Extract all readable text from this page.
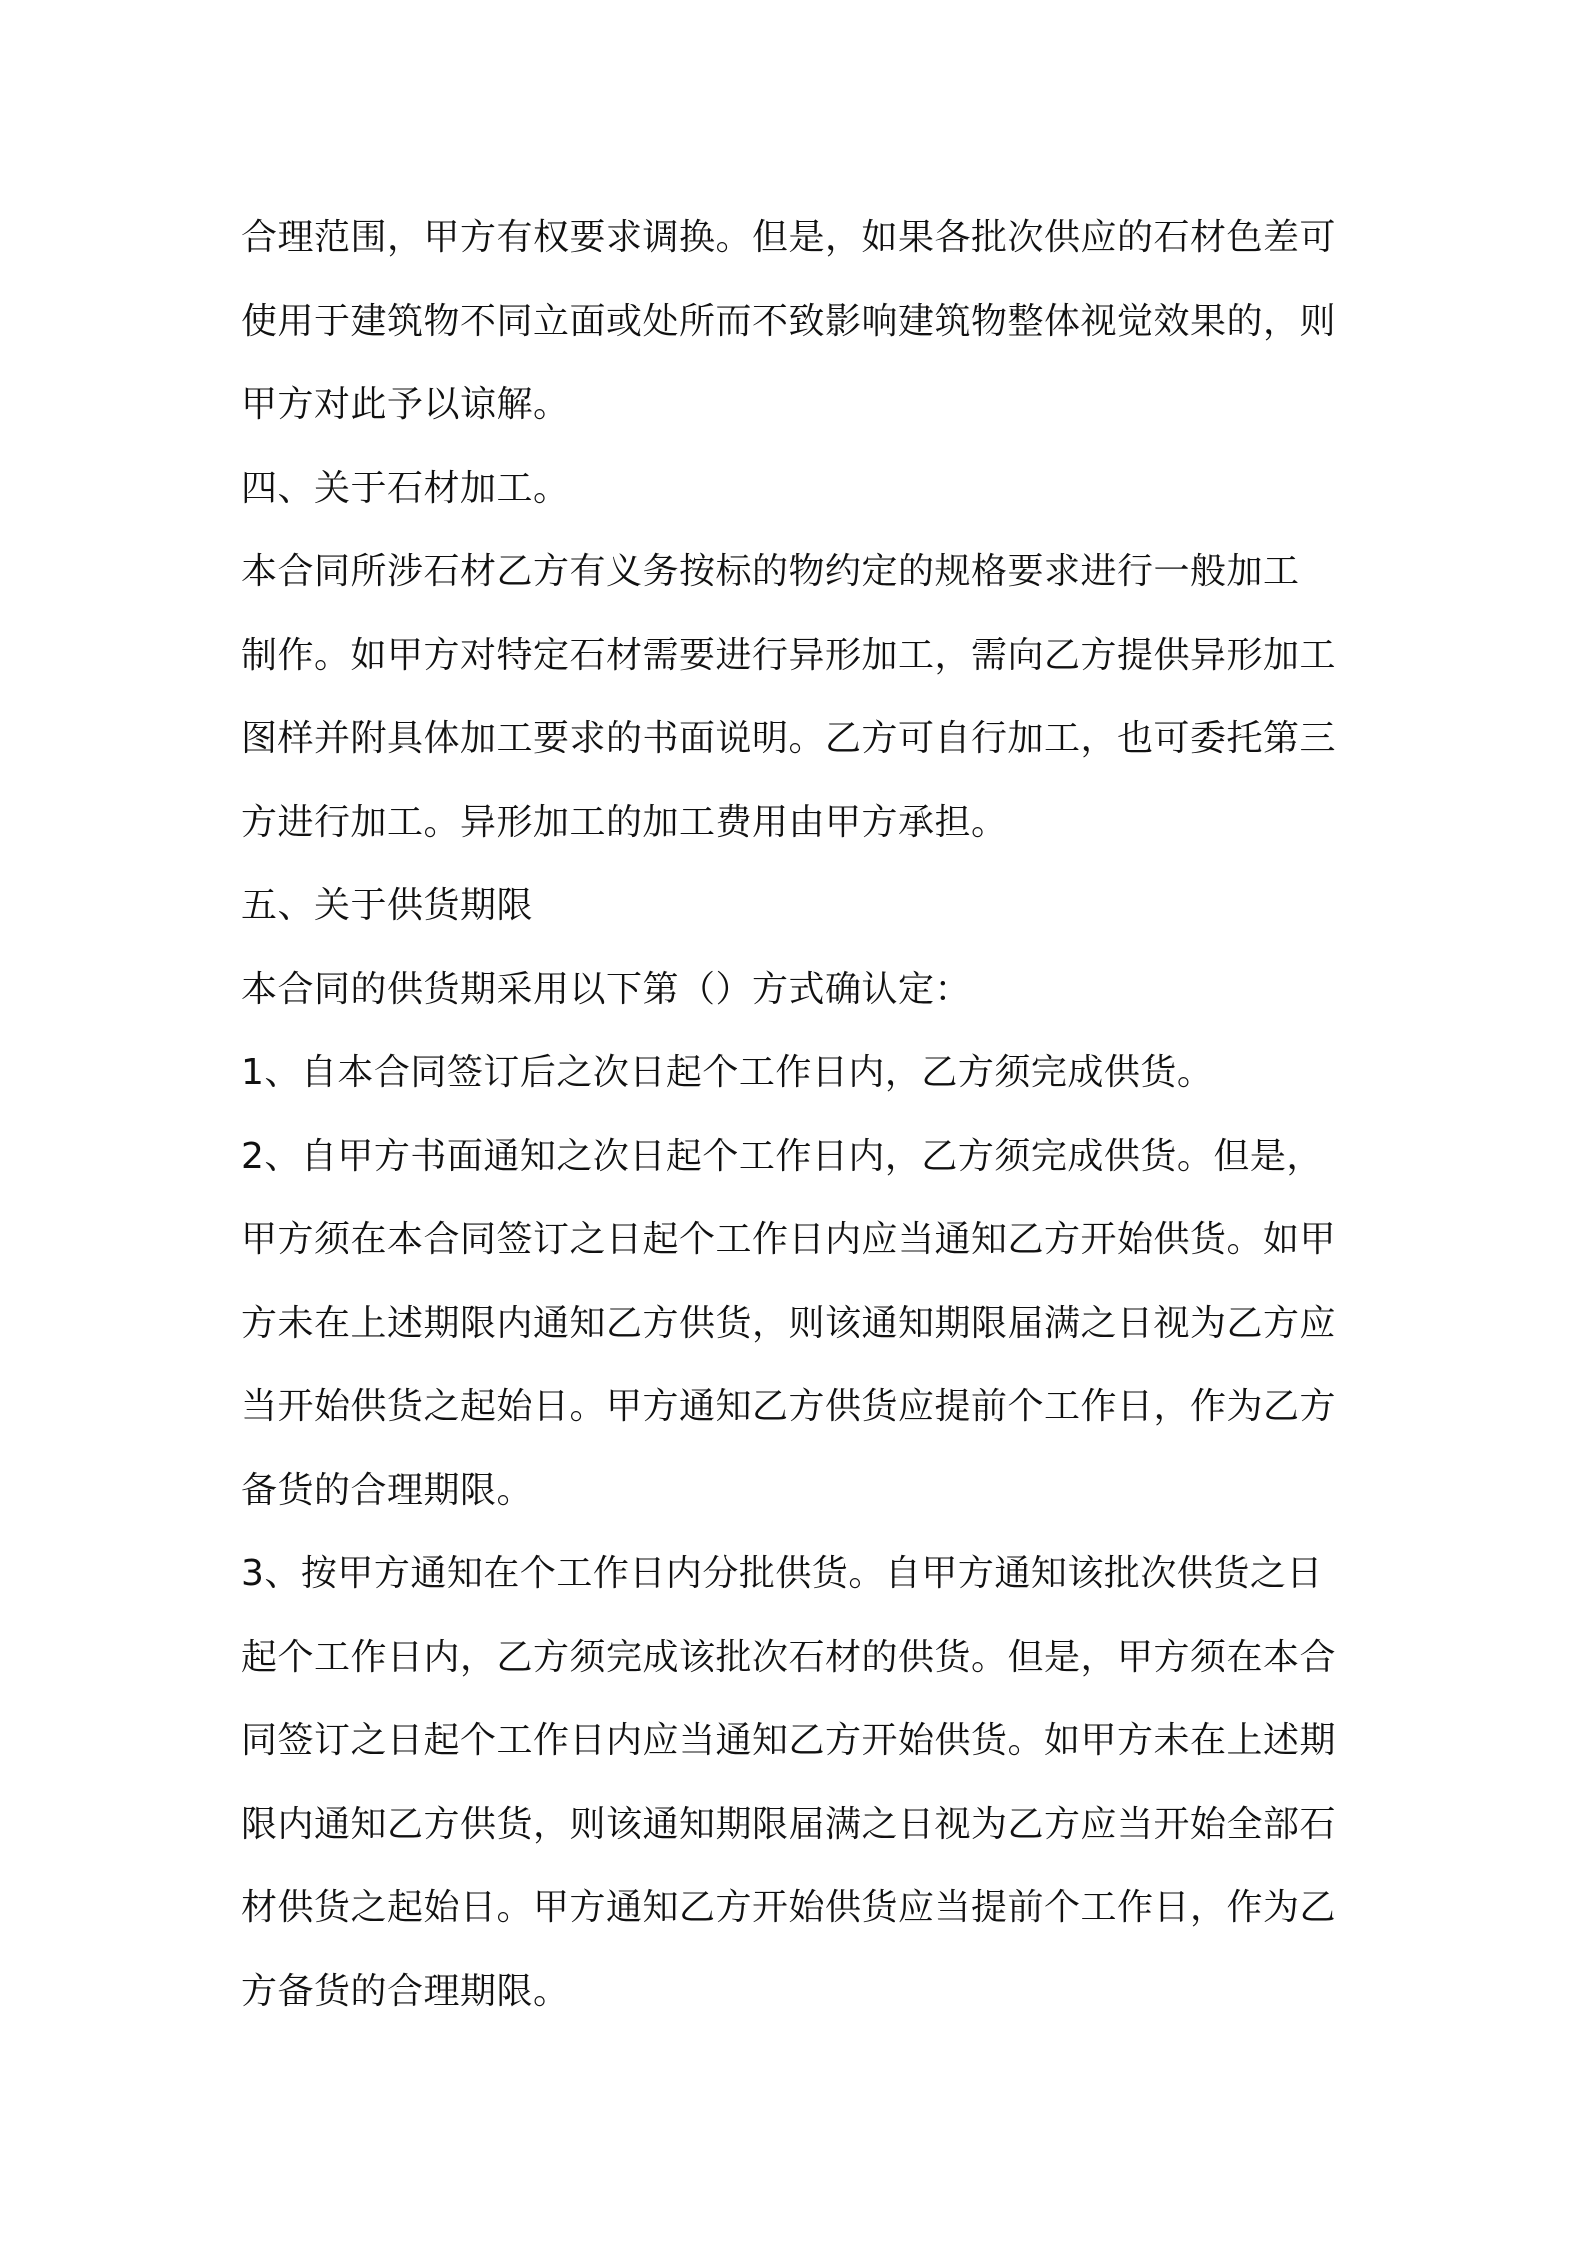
合理范围，甲方有权要求调换。但是，如果各批次供应的石材色差可
使用于建筑物不同立面或处所而不致影响建筑物整体视觉效果的，则
甲方对此予以谅解。
四、关于石材加工。
本合同所涉石材乙方有义务按标的物约定的规格要求进行一般加工
制作。如甲方对特定石材需要进行异形加工，需向乙方提供异形加工
图样并附具体加工要求的书面说明。乙方可自行加工，也可委托第三
方进行加工。异形加工的加工费用由甲方承担。
五、关于供货期限
本合同的供货期采用以下第（）方式确认定：
1、自本合同签订后之次日起个工作日内，乙方须完成供货。
2、自甲方书面通知之次日起个工作日内，乙方须完成供货。但是，
甲方须在本合同签订之日起个工作日内应当通知乙方开始供货。如甲
方未在上述期限内通知乙方供货，则该通知期限届满之日视为乙方应
当开始供货之起始日。甲方通知乙方供货应提前个工作日，作为乙方
备货的合理期限。
3、按甲方通知在个工作日内分批供货。自甲方通知该批次供货之日
起个工作日内，乙方须完成该批次石材的供货。但是，甲方须在本合
同签订之日起个工作日内应当通知乙方开始供货。如甲方未在上述期
限内通知乙方供货，则该通知期限届满之日视为乙方应当开始全部石
材供货之起始日。甲方通知乙方开始供货应当提前个工作日，作为乙
方备货的合理期限。
